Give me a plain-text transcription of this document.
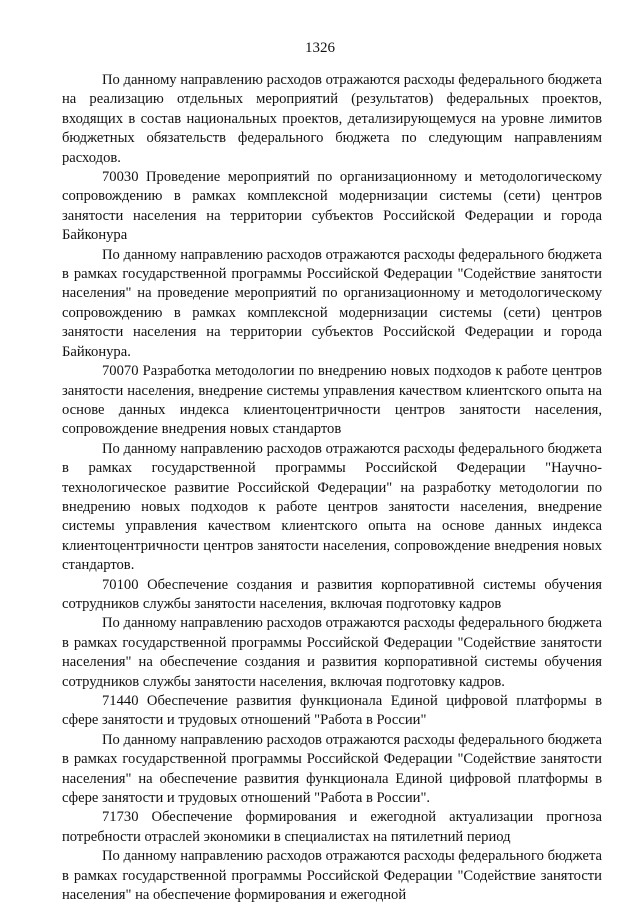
1326

По данному направлению расходов отражаются расходы федерального бюджета на реализацию отдельных мероприятий (результатов) федеральных проектов, входящих в состав национальных проектов, детализирующемуся на уровне лимитов бюджетных обязательств федерального бюджета по следующим направлениям расходов.

70030 Проведение мероприятий по организационному и методологическому сопровождению в рамках комплексной модернизации системы (сети) центров занятости населения на территории субъектов Российской Федерации и города Байконура

По данному направлению расходов отражаются расходы федерального бюджета в рамках государственной программы Российской Федерации "Содействие занятости населения" на проведение мероприятий по организационному и методологическому сопровождению в рамках комплексной модернизации системы (сети) центров занятости населения на территории субъектов Российской Федерации и города Байконура.

70070 Разработка методологии по внедрению новых подходов к работе центров занятости населения, внедрение системы управления качеством клиентского опыта на основе данных индекса клиентоцентричности центров занятости населения, сопровождение внедрения новых стандартов

По данному направлению расходов отражаются расходы федерального бюджета в рамках государственной программы Российской Федерации "Научно-технологическое развитие Российской Федерации" на разработку методологии по внедрению новых подходов к работе центров занятости населения, внедрение системы управления качеством клиентского опыта на основе данных индекса клиентоцентричности центров занятости населения, сопровождение внедрения новых стандартов.

70100 Обеспечение создания и развития корпоративной системы обучения сотрудников службы занятости населения, включая подготовку кадров

По данному направлению расходов отражаются расходы федерального бюджета в рамках государственной программы Российской Федерации "Содействие занятости населения" на обеспечение создания и развития корпоративной системы обучения сотрудников службы занятости населения, включая подготовку кадров.

71440 Обеспечение развития функционала Единой цифровой платформы в сфере занятости и трудовых отношений "Работа в России"

По данному направлению расходов отражаются расходы федерального бюджета в рамках государственной программы Российской Федерации "Содействие занятости населения" на обеспечение развития функционала Единой цифровой платформы в сфере занятости и трудовых отношений "Работа в России".

71730 Обеспечение формирования и ежегодной актуализации прогноза потребности отраслей экономики в специалистах на пятилетний период

По данному направлению расходов отражаются расходы федерального бюджета в рамках государственной программы Российской Федерации "Содействие занятости населения" на обеспечение формирования и ежегодной
